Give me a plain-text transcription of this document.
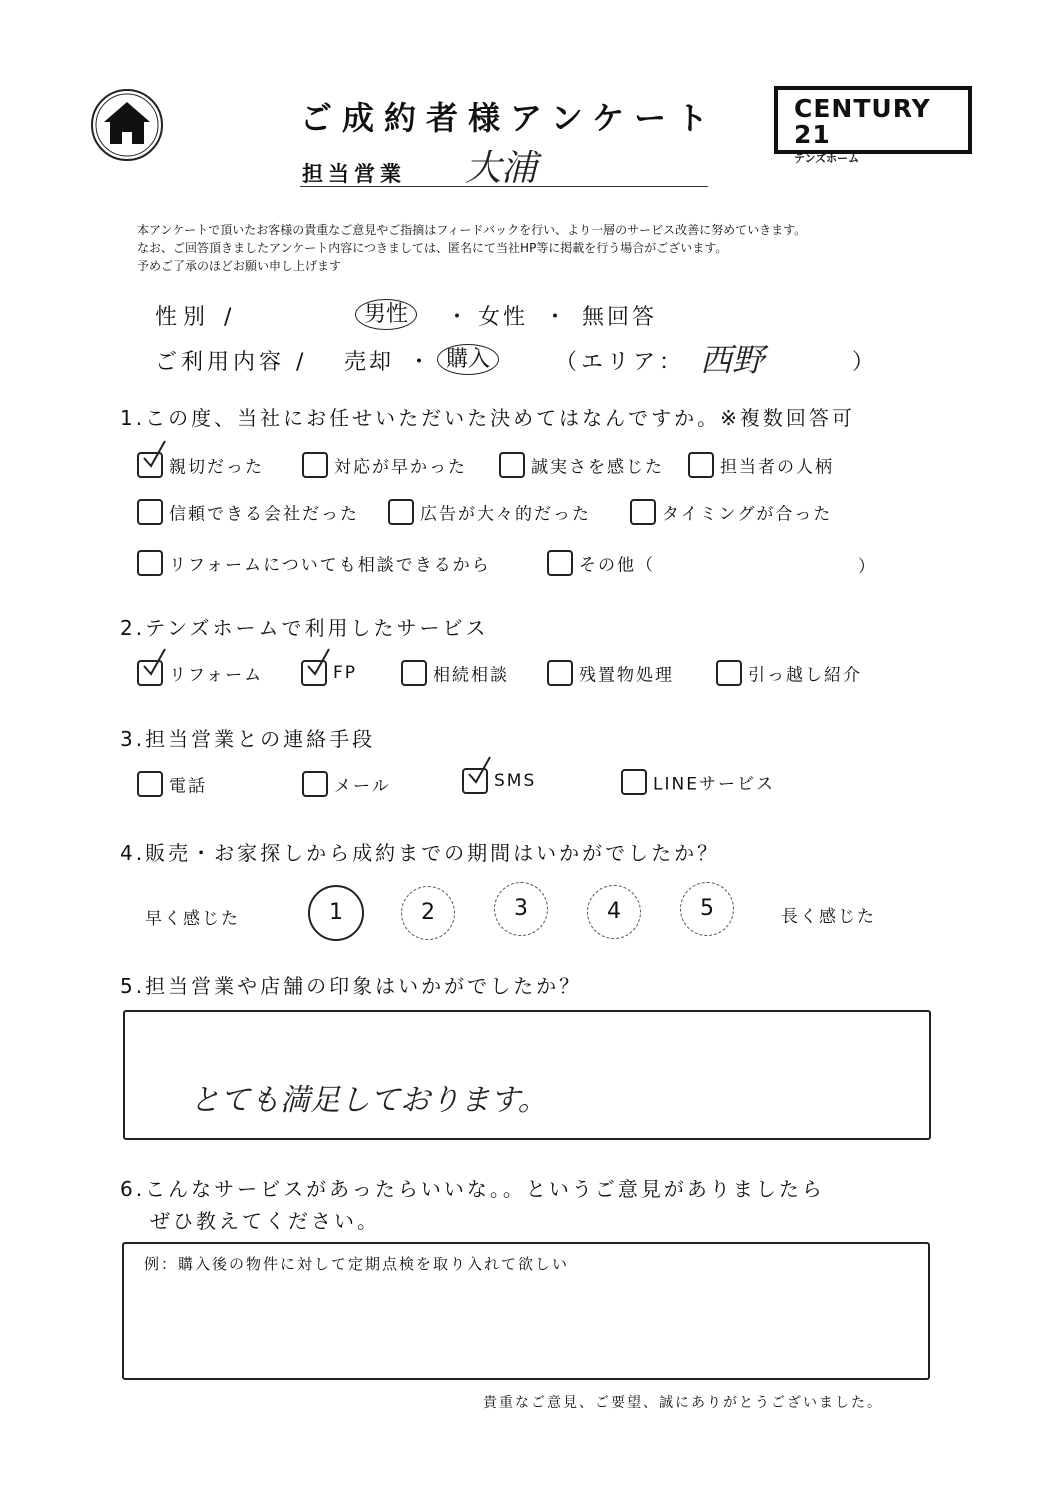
ご成約者様アンケート	CENTURY 21
テンズホーム
担当営業 大浦
本アンケートで頂いたお客様の貴重なご意見やご指摘はフィードバックを行い、より一層のサービス改善に努めていきます。
なお、ご回答頂きましたアンケート内容につきましては、匿名にて当社HP等に掲載を行う場合がございます。
予めご了承のほどお願い申し上げます
性別 /	男性	・ 女性 ・ 無回答
ご利用内容 / 売却 ・ 購入	（エリア： 西野	）
1.この度、当社にお任せいただいた決めてはなんですか。※複数回答可
親切だった	対応が早かった	誠実さを感じた	担当者の人柄
信頼できる会社だった	広告が大々的だった	タイミングが合った
リフォームについても相談できるから	その他（	）
2.テンズホームで利用したサービス
リフォーム	FP	相続相談	残置物処理	引っ越し紹介
3.担当営業との連絡手段
電話	メール	SMS	LINEサービス
4.販売・お家探しから成約までの期間はいかがでしたか？
早く感じた	1	2	3	4	5	長く感じた
5.担当営業や店舗の印象はいかがでしたか？
とても満足しております。
6.こんなサービスがあったらいいな。。というご意見がありましたら
ぜひ教えてください。
例：購入後の物件に対して定期点検を取り入れて欲しい
貴重なご意見、ご要望、誠にありがとうございました。
